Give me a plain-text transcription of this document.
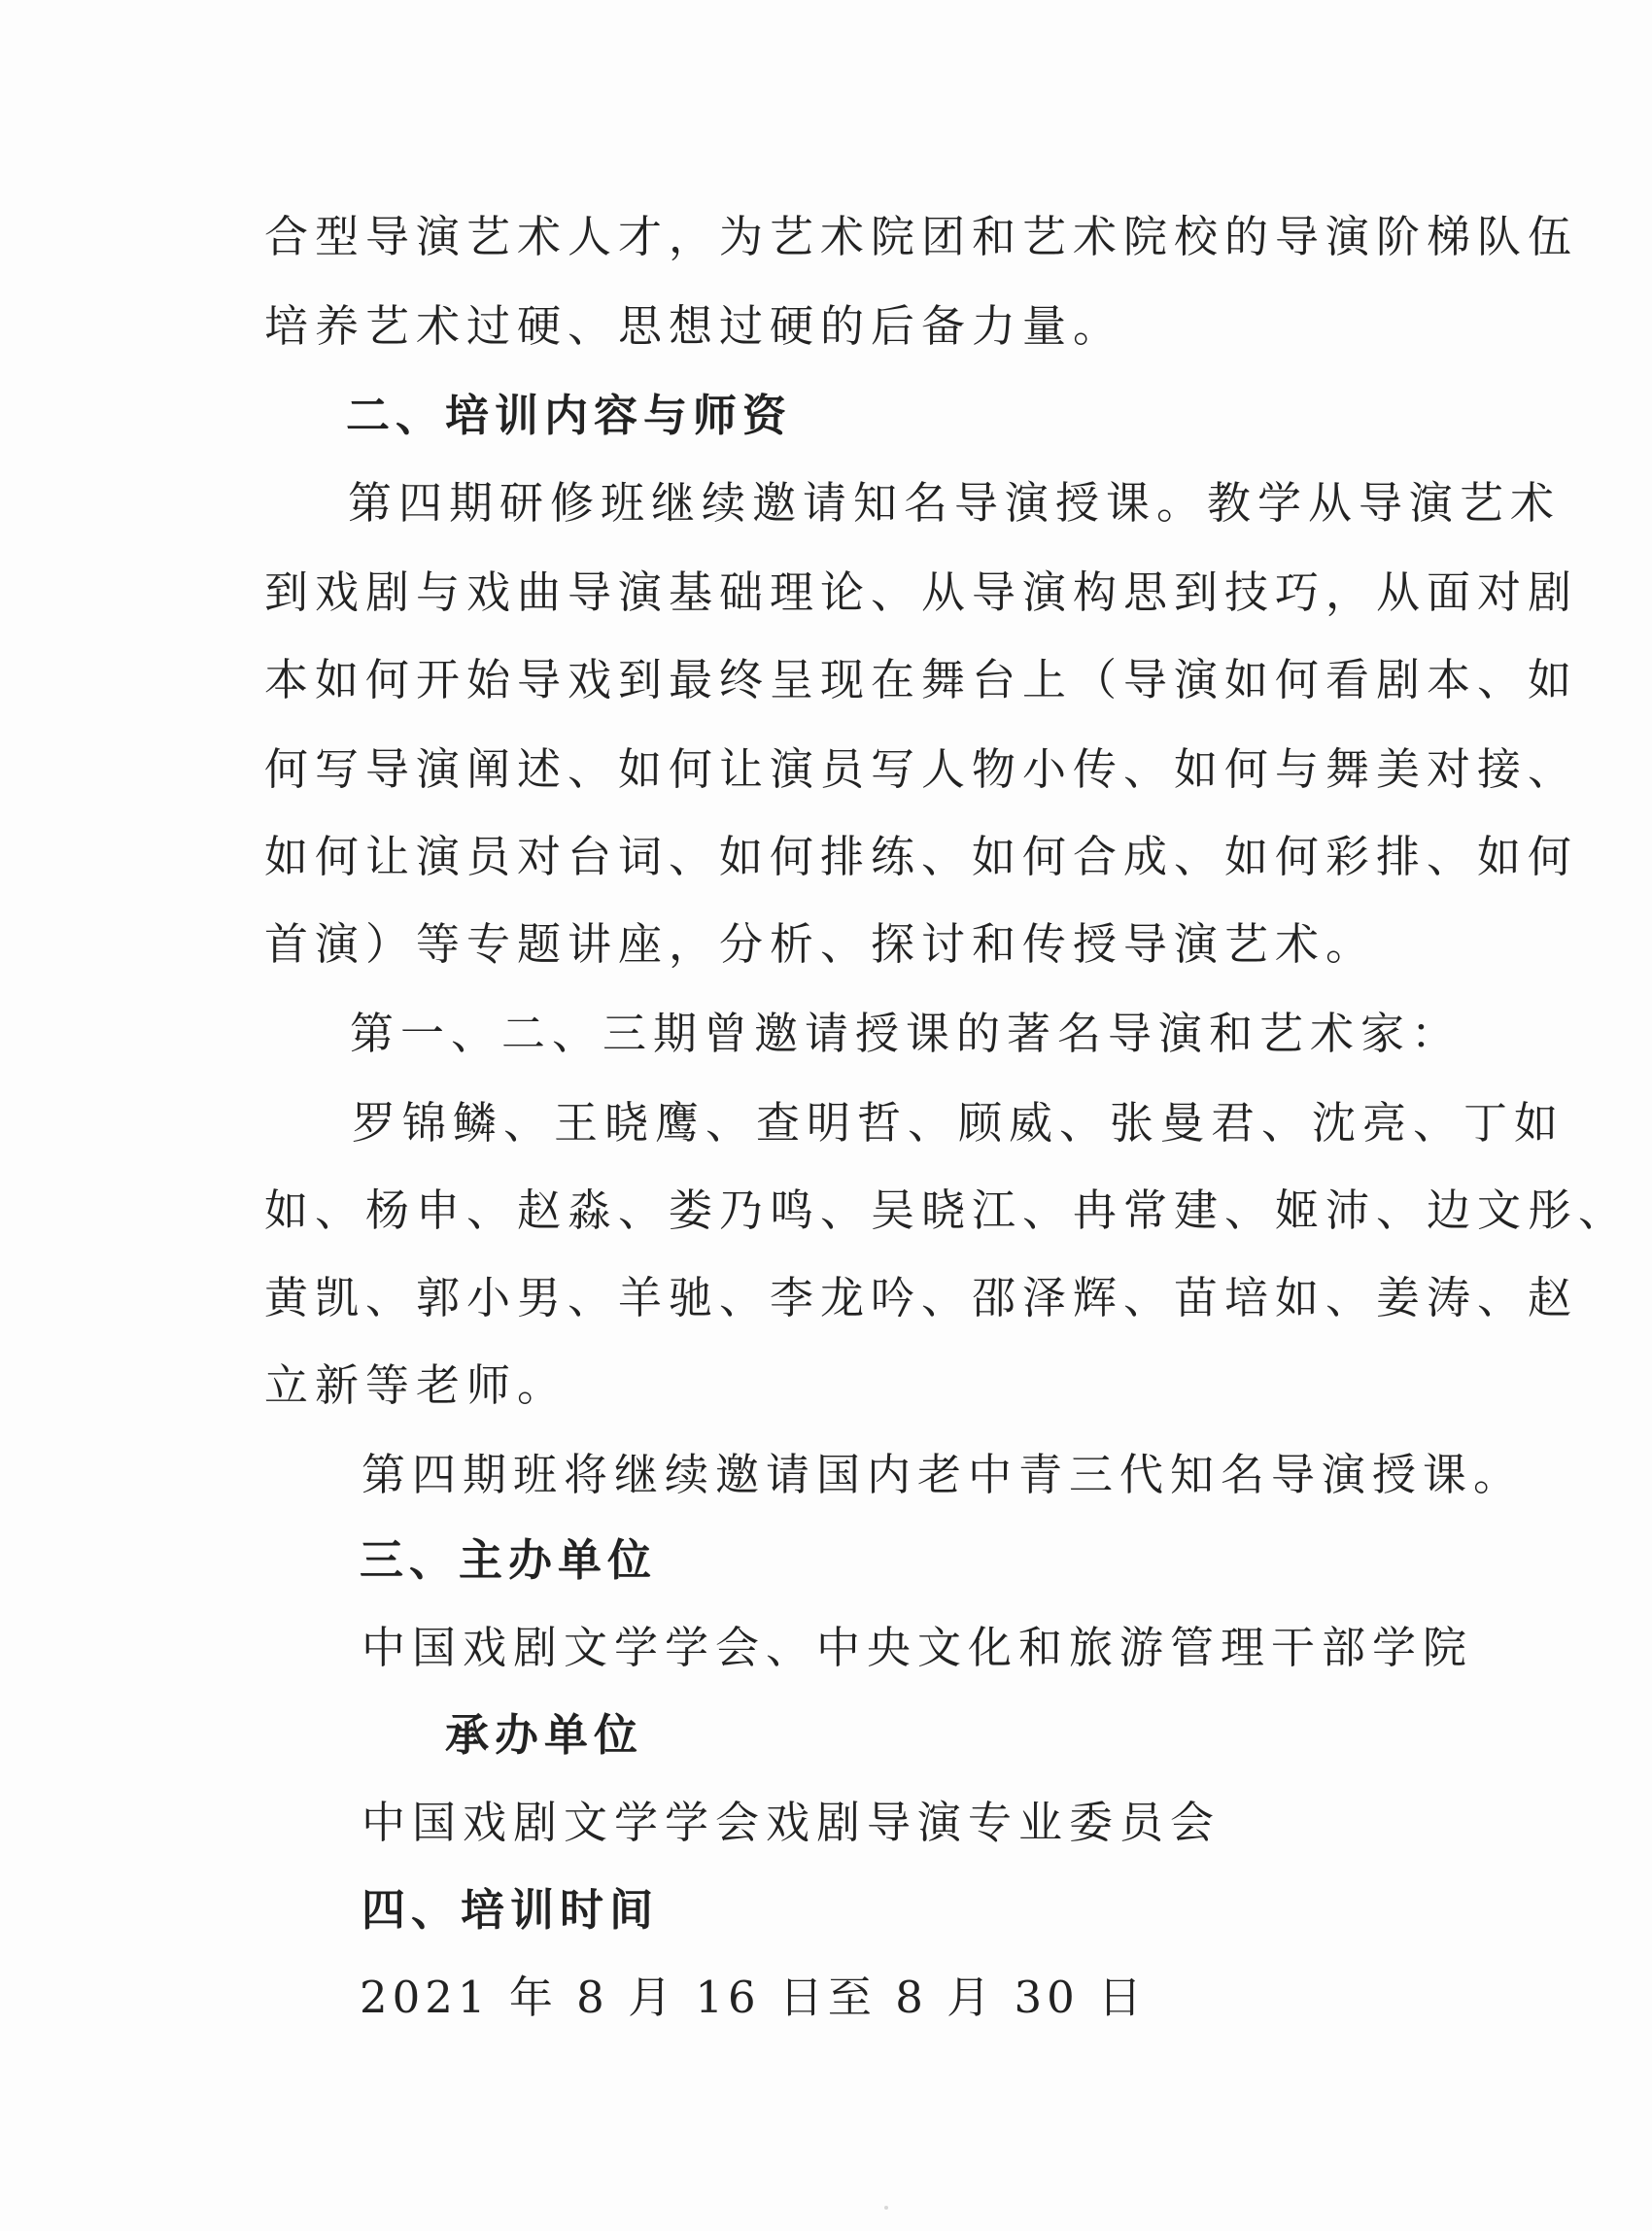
合型导演艺术人才，为艺术院团和艺术院校的导演阶梯队伍
培养艺术过硬、思想过硬的后备力量。
二、培训内容与师资
第四期研修班继续邀请知名导演授课。教学从导演艺术
到戏剧与戏曲导演基础理论、从导演构思到技巧，从面对剧
本如何开始导戏到最终呈现在舞台上（导演如何看剧本、如
何写导演阐述、如何让演员写人物小传、如何与舞美对接、
如何让演员对台词、如何排练、如何合成、如何彩排、如何
首演）等专题讲座，分析、探讨和传授导演艺术。
第一、二、三期曾邀请授课的著名导演和艺术家：
罗锦鳞、王晓鹰、查明哲、顾威、张曼君、沈亮、丁如
如、杨申、赵淼、娄乃鸣、吴晓江、冉常建、姬沛、边文彤、
黄凯、郭小男、羊驰、李龙吟、邵泽辉、苗培如、姜涛、赵
立新等老师。
第四期班将继续邀请国内老中青三代知名导演授课。
三、主办单位
中国戏剧文学学会、中央文化和旅游管理干部学院
承办单位
中国戏剧文学学会戏剧导演专业委员会
四、培训时间
2021 年 8 月 16 日至 8 月 30 日
